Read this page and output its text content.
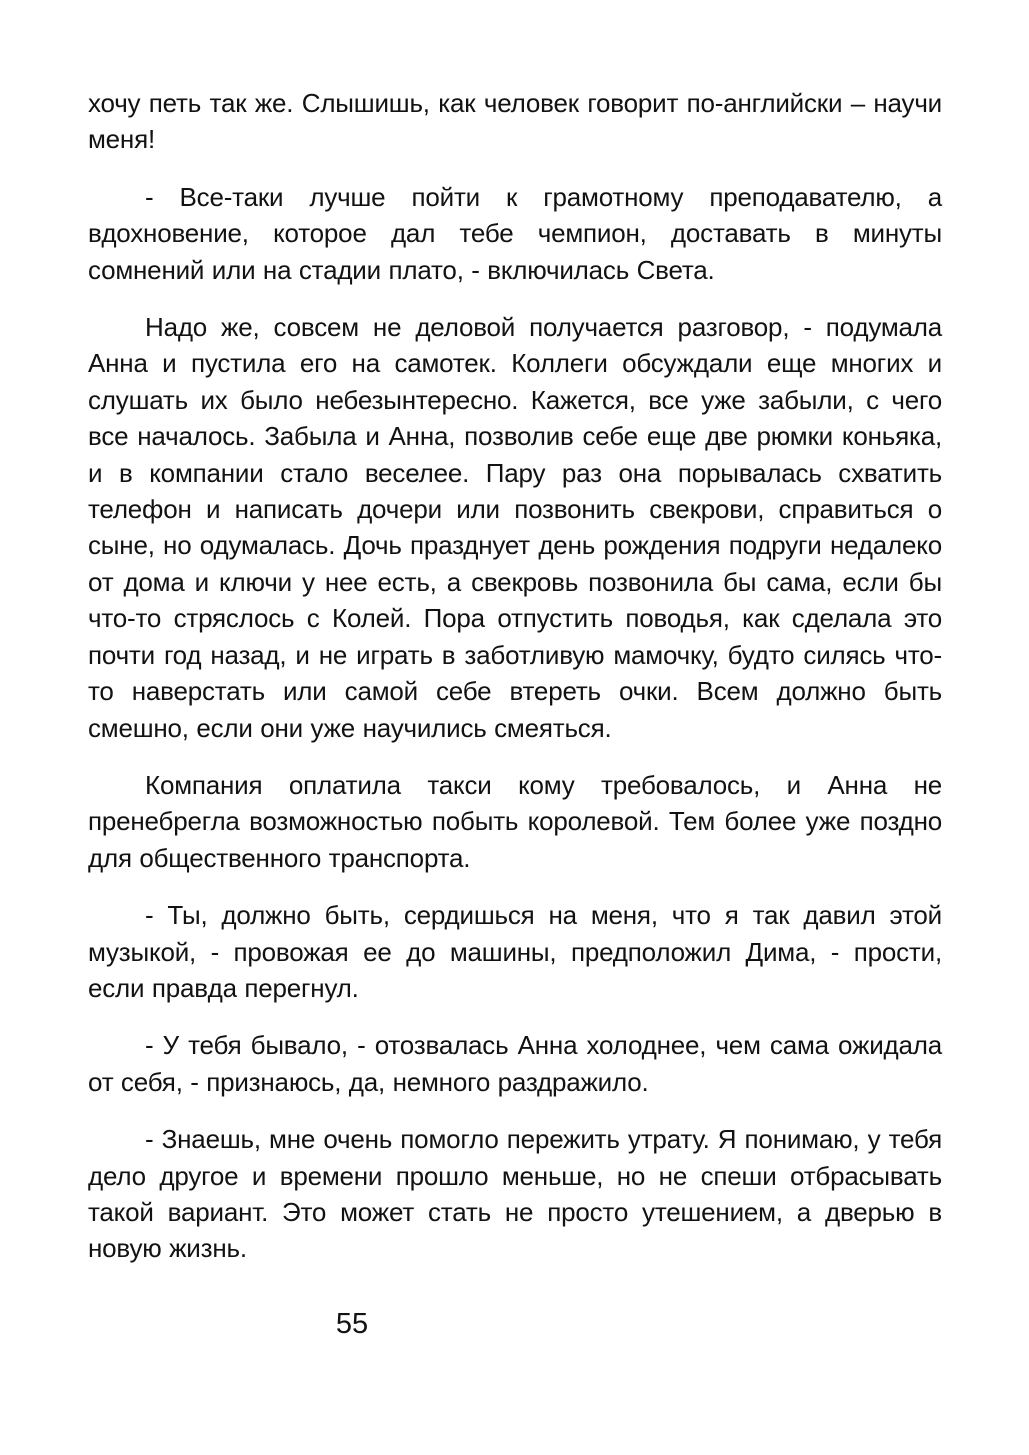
хочу петь так же. Слышишь, как человек говорит по-английски – научи меня!

- Все-таки лучше пойти к грамотному преподавателю, а вдохновение, которое дал тебе чемпион, доставать в минуты сомнений или на стадии плато, - включилась Света.

Надо же, совсем не деловой получается разговор, - подумала Анна и пустила его на самотек. Коллеги обсуждали еще многих и слушать их было небезынтересно. Кажется, все уже забыли, с чего все началось. Забыла и Анна, позволив себе еще две рюмки коньяка, и в компании стало веселее. Пару раз она порывалась схватить телефон и написать дочери или позвонить свекрови, справиться о сыне, но одумалась. Дочь празднует день рождения подруги недалеко от дома и ключи у нее есть, а свекровь позвонила бы сама, если бы что-то стряслось с Колей. Пора отпустить поводья, как сделала это почти год назад, и не играть в заботливую мамочку, будто силясь что-то наверстать или самой себе втереть очки. Всем должно быть смешно, если они уже научились смеяться.

Компания оплатила такси кому требовалось, и Анна не пренебрегла возможностью побыть королевой. Тем более уже поздно для общественного транспорта.

- Ты, должно быть, сердишься на меня, что я так давил этой музыкой, - провожая ее до машины, предположил Дима, - прости, если правда перегнул.

- У тебя бывало, - отозвалась Анна холоднее, чем сама ожидала от себя, - признаюсь, да, немного раздражило.

- Знаешь, мне очень помогло пережить утрату. Я понимаю, у тебя дело другое и времени прошло меньше, но не спеши отбрасывать такой вариант. Это может стать не просто утешением, а дверью в новую жизнь.

55
